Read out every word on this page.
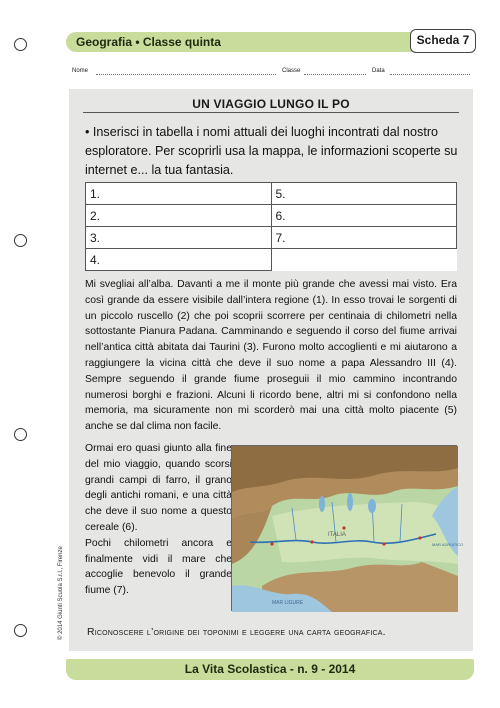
Geografia • Classe quinta	Scheda 7
Nome	Classe	Data
UN VIAGGIO LUNGO IL PO
• Inserisci in tabella i nomi attuali dei luoghi incontrati dal nostro esploratore. Per scoprirli usa la mappa, le informazioni scoperte su internet e... la tua fantasia.
1.	5.
2.	6.
3.	7.
4.	
Mi svegliai all’alba. Davanti a me il monte più grande che avessi mai visto. Era così grande da essere visibile dall’intera regione (1). In esso trovai le sorgenti di un piccolo ruscello (2) che poi scoprii scorrere per centinaia di chilometri nella sottostante Pianura Padana. Camminando e seguendo il corso del fiume arrivai nell’antica città abitata dai Taurini (3). Furono molto accoglienti e mi aiutarono a raggiungere la vicina città che deve il suo nome a papa Alessandro III (4). Sempre seguendo il grande fiume proseguii il mio cammino incontrando numerosi borghi e frazioni. Alcuni li ricordo bene, altri mi si confondono nella memoria, ma sicuramente non mi scorderò mai una città molto piacente (5) anche se dal clima non facile.

Ormai ero quasi giunto alla fine del mio viaggio, quando scorsi grandi campi di farro, il grano degli antichi romani, e una città che deve il suo nome a questo cereale (6).

Pochi chilometri ancora e finalmente vidi il mare che accoglie benevolo il grande fiume (7).

ITALIA
MAR LIGURE
MAR ADRIATICO
Riconoscere l’origine dei toponimi e leggere una carta geografica.
© 2014 Giunti Scuola S.r.l., Firenze
La Vita Scolastica - n. 9 - 2014
